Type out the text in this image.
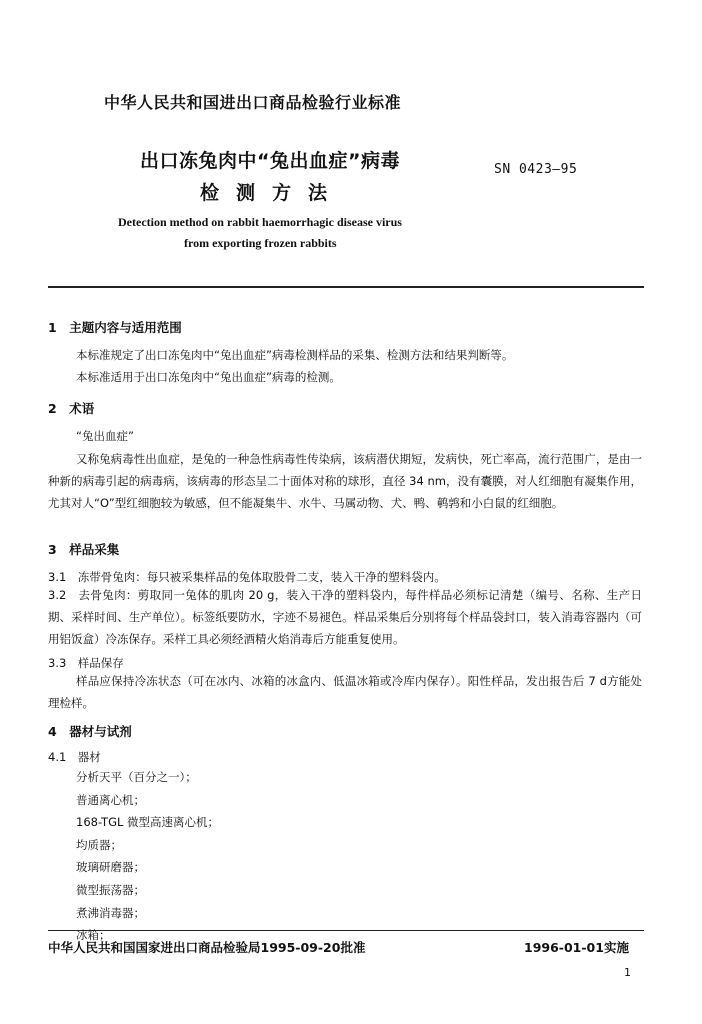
中华人民共和国进出口商品检验行业标准
出口冻兔肉中“兔出血症”病毒
检测方法
SN 0423—95
Detection method on rabbit haemorrhagic disease virus
from exporting frozen rabbits
1　主题内容与适用范围
本标准规定了出口冻兔肉中“兔出血症”病毒检测样品的采集、检测方法和结果判断等。
本标准适用于出口冻兔肉中“兔出血症”病毒的检测。
2　术语
“兔出血症”
又称兔病毒性出血症，是兔的一种急性病毒性传染病，该病潜伏期短，发病快，死亡率高，流行范围广，是由一种新的病毒引起的病毒病，该病毒的形态呈二十面体对称的球形，直径 34 nm，没有囊膜，对人红细胞有凝集作用，尤其对人“O”型红细胞较为敏感，但不能凝集牛、水牛、马属动物、犬、鸭、鹌鹑和小白鼠的红细胞。
3　样品采集
3.1　冻带骨兔肉：每只被采集样品的兔体取股骨二支，装入干净的塑料袋内。
3.2　去骨兔肉：剪取同一兔体的肌肉 20 g，装入干净的塑料袋内，每件样品必须标记清楚（编号、名称、生产日期、采样时间、生产单位）。标签纸要防水，字迹不易褪色。样品采集后分别将每个样品袋封口，装入消毒容器内（可用铝饭盒）冷冻保存。采样工具必须经酒精火焰消毒后方能重复使用。
3.3　样品保存
样品应保持冷冻状态（可在冰内、冰箱的冰盒内、低温冰箱或冷库内保存）。阳性样品，发出报告后 7 d方能处理检样。
4　器材与试剂
4.1　器材
分析天平（百分之一）；
普通离心机；
168-TGL 微型高速离心机；
均质器；
玻璃研磨器；
微型振荡器；
煮沸消毒器；
冰箱；
中华人民共和国国家进出口商品检验局1995-09-20批准	1996-01-01实施
1
